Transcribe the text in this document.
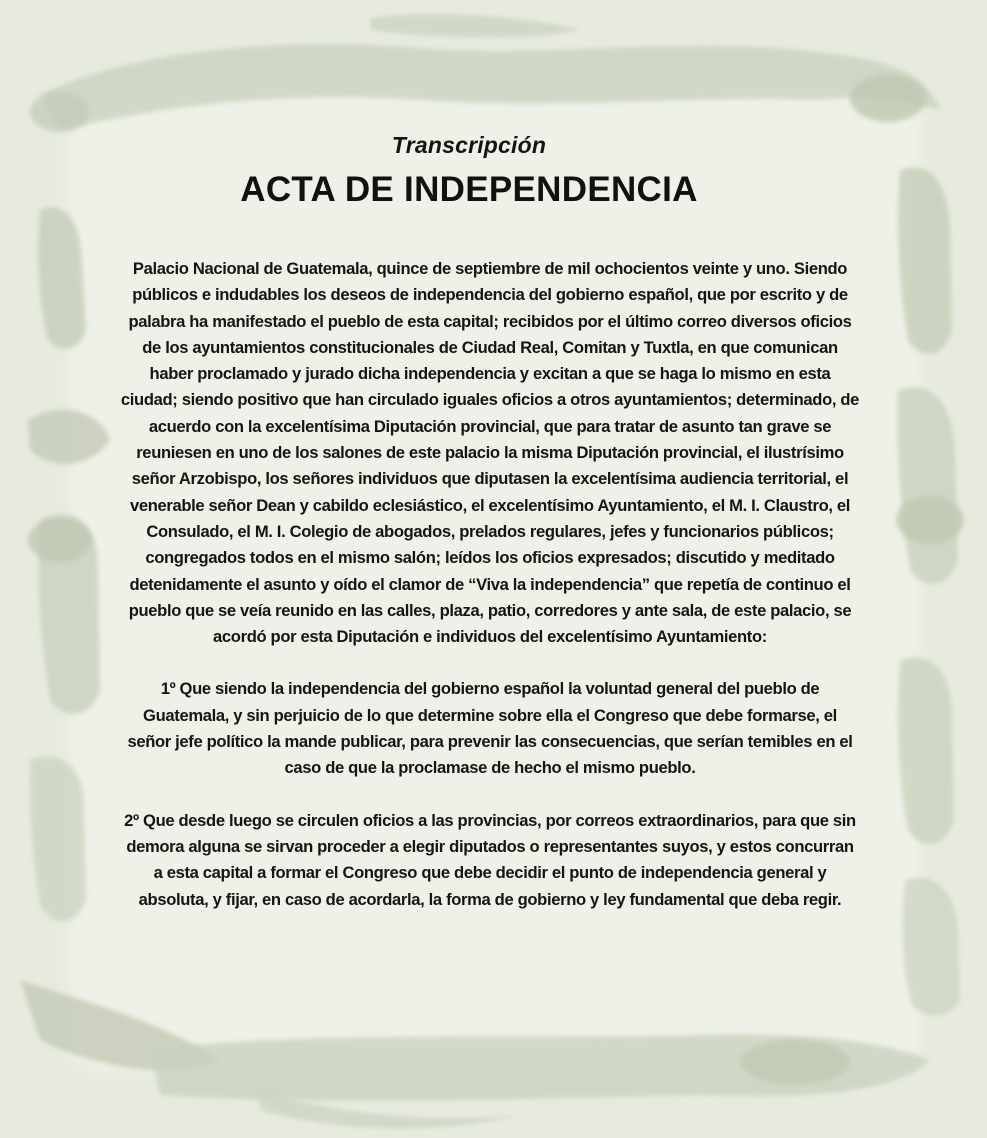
Transcripción
ACTA DE INDEPENDENCIA

Palacio Nacional de Guatemala, quince de septiembre de mil ochocientos veinte y uno. Siendo públicos e indudables los deseos de independencia del gobierno español, que por escrito y de palabra ha manifestado el pueblo de esta capital; recibidos por el último correo diversos oficios de los ayuntamientos constitucionales de Ciudad Real, Comitan y Tuxtla, en que comunican haber proclamado y jurado dicha independencia y excitan a que se haga lo mismo en esta ciudad; siendo positivo que han circulado iguales oficios a otros ayuntamientos; determinado, de acuerdo con la excelentísima Diputación provincial, que para tratar de asunto tan grave se reuniesen en uno de los salones de este palacio la misma Diputación provincial, el ilustrísimo señor Arzobispo, los señores individuos que diputasen la excelentísima audiencia territorial, el venerable señor Dean y cabildo eclesiástico, el excelentísimo Ayuntamiento, el M. I. Claustro, el Consulado, el M. I. Colegio de abogados, prelados regulares, jefes y funcionarios públicos; congregados todos en el mismo salón; leídos los oficios expresados; discutido y meditado detenidamente el asunto y oído el clamor de “Viva la independencia” que repetía de continuo el pueblo que se veía reunido en las calles, plaza, patio, corredores y ante sala, de este palacio, se acordó por esta Diputación e individuos del excelentísimo Ayuntamiento:

1º Que siendo la independencia del gobierno español la voluntad general del pueblo de Guatemala, y sin perjuicio de lo que determine sobre ella el Congreso que debe formarse, el señor jefe político la mande publicar, para prevenir las consecuencias, que serían temibles en el caso de que la proclamase de hecho el mismo pueblo.

2º Que desde luego se circulen oficios a las provincias, por correos extraordinarios, para que sin demora alguna se sirvan proceder a elegir diputados o representantes suyos, y estos concurran a esta capital a formar el Congreso que debe decidir el punto de independencia general y absoluta, y fijar, en caso de acordarla, la forma de gobierno y ley fundamental que deba regir.
